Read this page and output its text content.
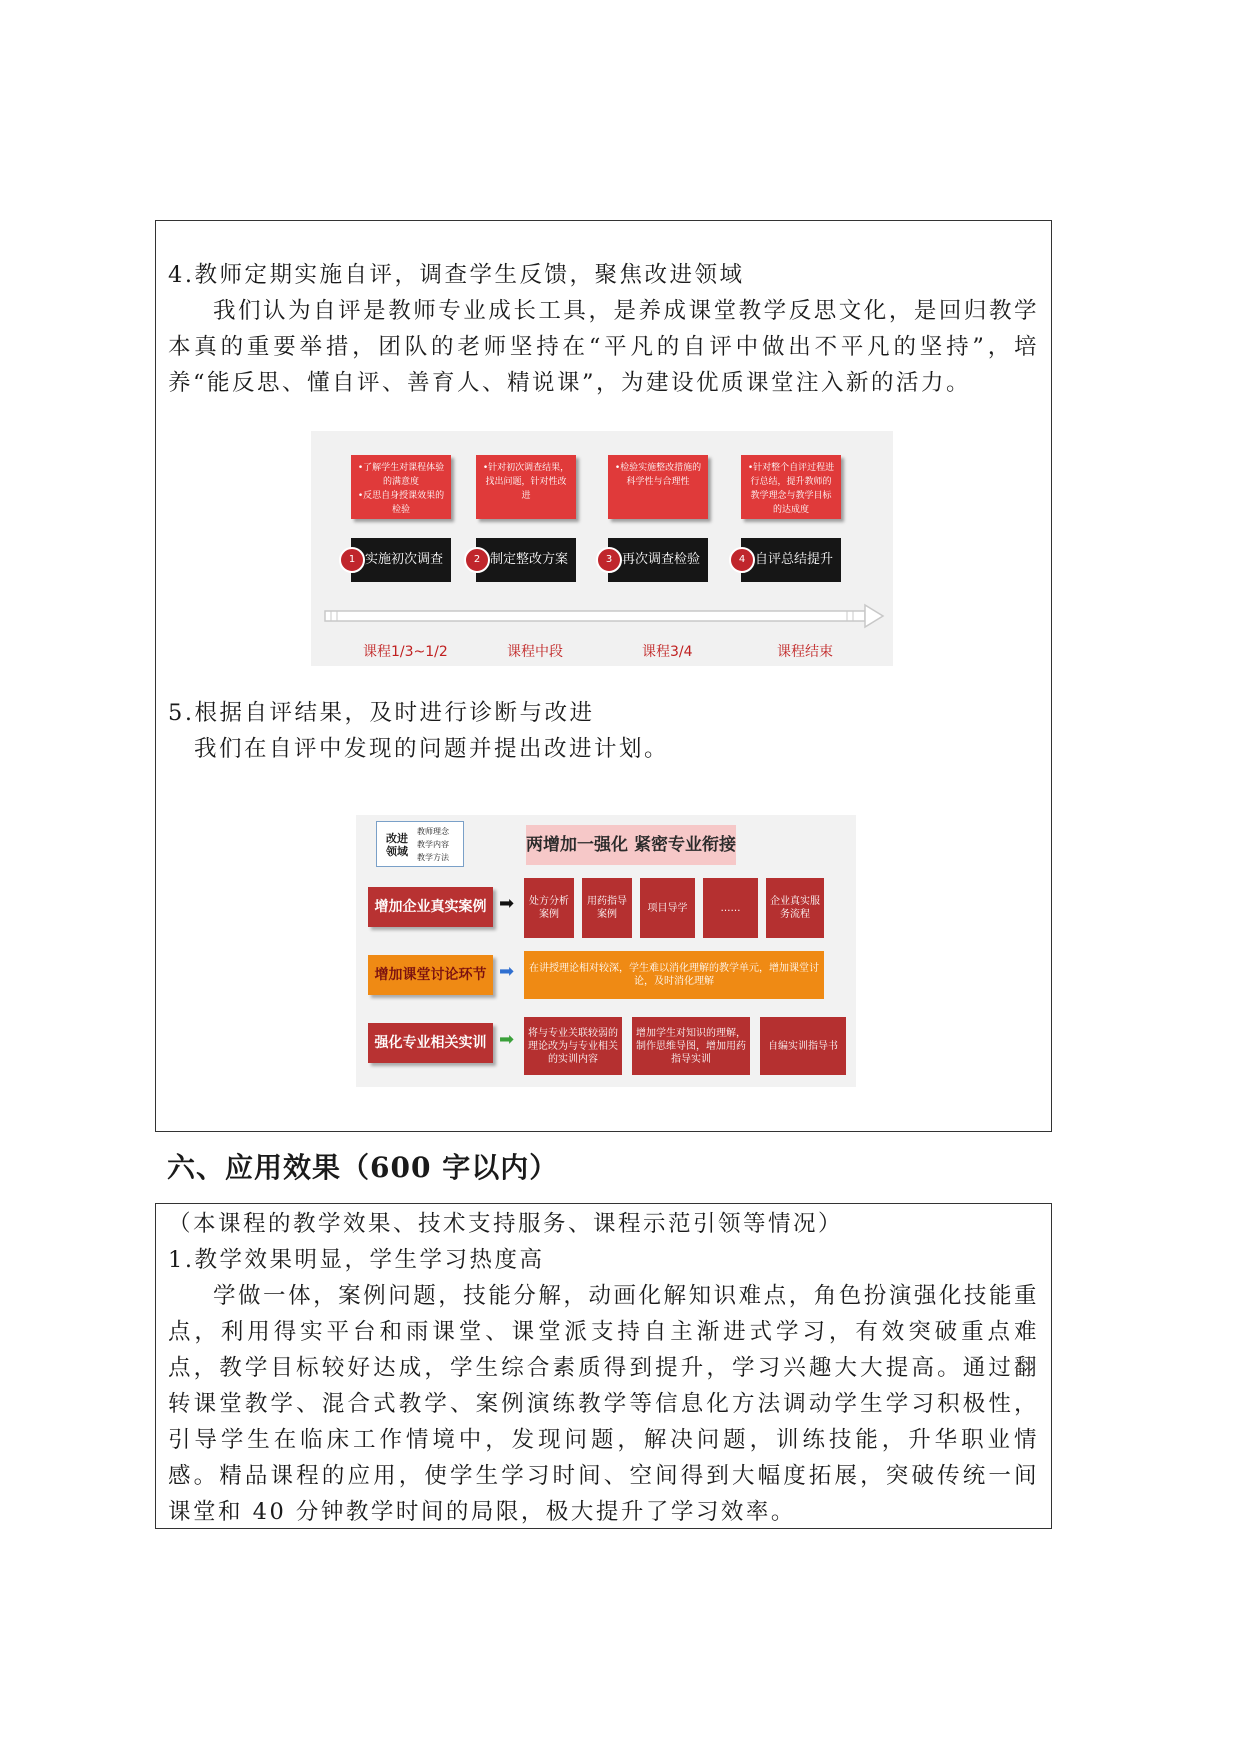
4.教师定期实施自评，调查学生反馈，聚焦改进领域

我们认为自评是教师专业成长工具，是养成课堂教学反思文化，是回归教学本真的重要举措，团队的老师坚持在“平凡的自评中做出不平凡的坚持”，培养“能反思、懂自评、善育人、精说课”，为建设优质课堂注入新的活力。

•了解学生对课程体验的满意度
•反思自身授课效果的检验
•针对初次调查结果，找出问题，针对性改进
•检验实施整改措施的科学性与合理性
•针对整个自评过程进行总结，提升教师的教学理念与教学目标的达成度
实施初次调查
1	制定整改方案
2	再次调查检验
3	自评总结提升
4
课程1/3~1/2	课程中段	课程3/4	课程结束

5.根据自评结果，及时进行诊断与改进

我们在自评中发现的问题并提出改进计划。

改进领域
教师理念
教学内容
教学方法
两增加一强化 紧密专业衔接
增加企业真实案例 ➡	处方分析案例
用药指导案例
项目导学	……
企业真实服务流程
增加课堂讨论环节 ➡	在讲授理论相对较深，学生难以消化理解的教学单元，增加课堂讨论，及时消化理解
强化专业相关实训 ➡	将与专业关联较弱的理论改为与专业相关的实训内容
增加学生对知识的理解，制作思维导图，增加用药指导实训
自编实训指导书
六、应用效果（600 字以内）

（本课程的教学效果、技术支持服务、课程示范引领等情况）

1.教学效果明显，学生学习热度高

学做一体，案例问题，技能分解，动画化解知识难点，角色扮演强化技能重点，利用得实平台和雨课堂、课堂派支持自主渐进式学习，有效突破重点难点，教学目标较好达成，学生综合素质得到提升，学习兴趣大大提高。通过翻转课堂教学、混合式教学、案例演练教学等信息化方法调动学生学习积极性，引导学生在临床工作情境中，发现问题，解决问题，训练技能，升华职业情感。精品课程的应用，使学生学习时间、空间得到大幅度拓展，突破传统一间课堂和 40 分钟教学时间的局限，极大提升了学习效率。
